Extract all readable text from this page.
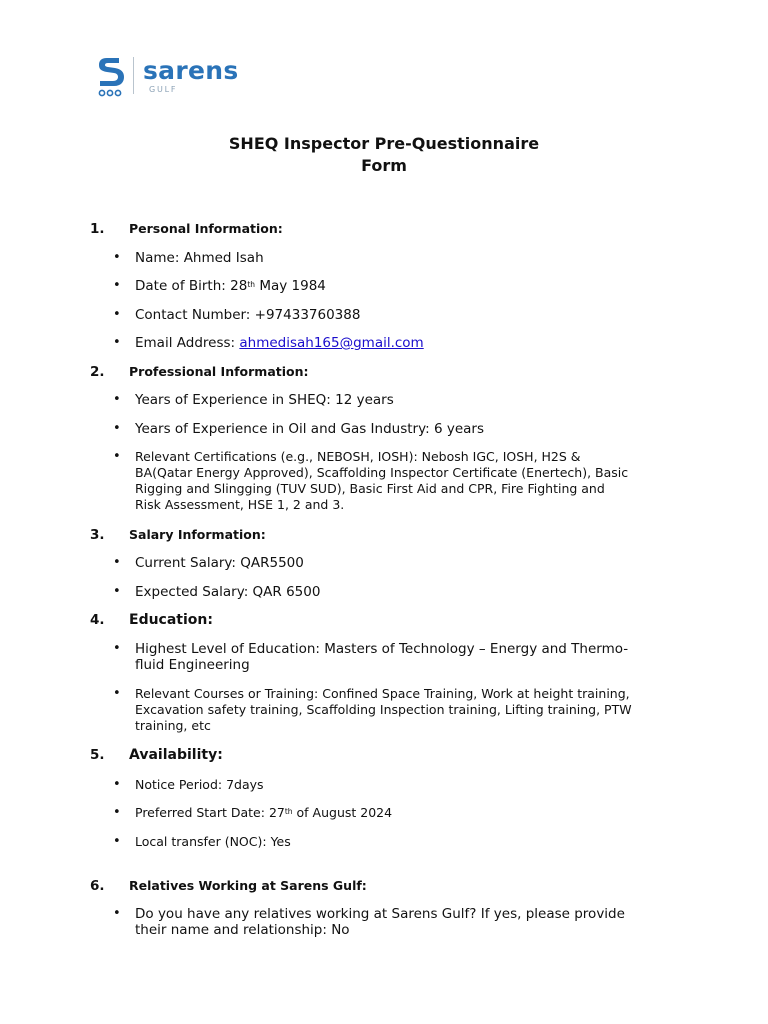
sarens
GULF
SHEQ Inspector Pre-Questionnaire
Form
1. Personal Information:
• Name: Ahmed Isah
• Date of Birth: 28th May 1984
• Contact Number: +97433760388
• Email Address: ahmedisah165@gmail.com
2. Professional Information:
• Years of Experience in SHEQ: 12 years
• Years of Experience in Oil and Gas Industry: 6 years
• Relevant Certifications (e.g., NEBOSH, IOSH): Nebosh IGC, IOSH, H2S &
BA(Qatar Energy Approved), Scaffolding Inspector Certificate (Enertech), Basic
Rigging and Slingging (TUV SUD), Basic First Aid and CPR, Fire Fighting and
Risk Assessment, HSE 1, 2 and 3.
3. Salary Information:
• Current Salary: QAR5500
• Expected Salary: QAR 6500
4. Education:
• Highest Level of Education: Masters of Technology – Energy and Thermo-
fluid Engineering
• Relevant Courses or Training: Confined Space Training, Work at height training,
Excavation safety training, Scaffolding Inspection training, Lifting training, PTW
training, etc
5. Availability:
• Notice Period: 7days
• Preferred Start Date: 27th of August 2024
• Local transfer (NOC): Yes
6. Relatives Working at Sarens Gulf:
• Do you have any relatives working at Sarens Gulf? If yes, please provide
their name and relationship: No
